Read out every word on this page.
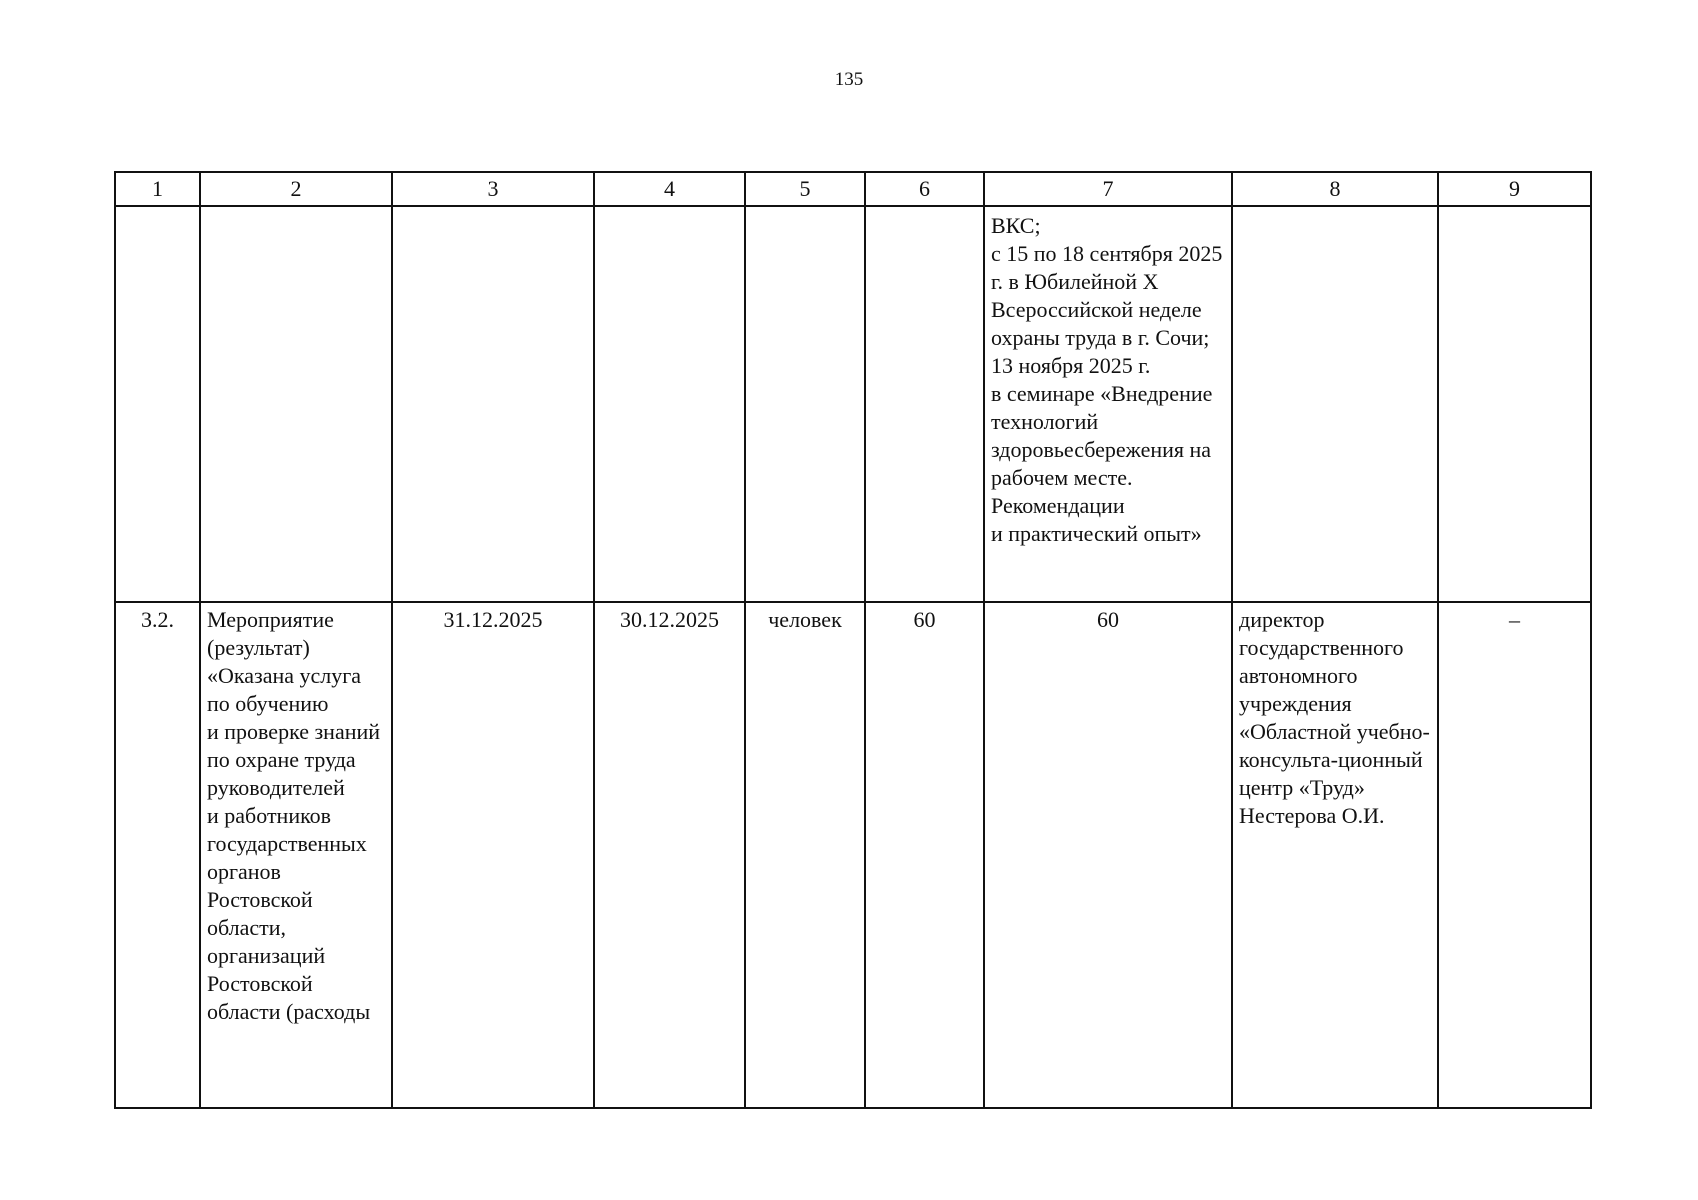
135
1	2	3	4	5	6	7	8	9

						ВКС;
с 15 по 18 сентября 2025 г. в Юбилейной Х Всероссийской неделе охраны труда в г. Сочи;
13 ноября 2025 г.
в семинаре «Внедрение технологий здоровьесбережения на рабочем месте. Рекомендации
и практический опыт»		

3.2.	Мероприятие (результат) «Оказана услуга по обучению
и проверке знаний
по охране труда руководителей
и работников государственных органов Ростовской области, организаций Ростовской области (расходы	31.12.2025	30.12.2025	человек	60	60	директор государственного автономного учреждения «Областной учебно-консульта-ционный центр «Труд»
Нестерова О.И.	–
